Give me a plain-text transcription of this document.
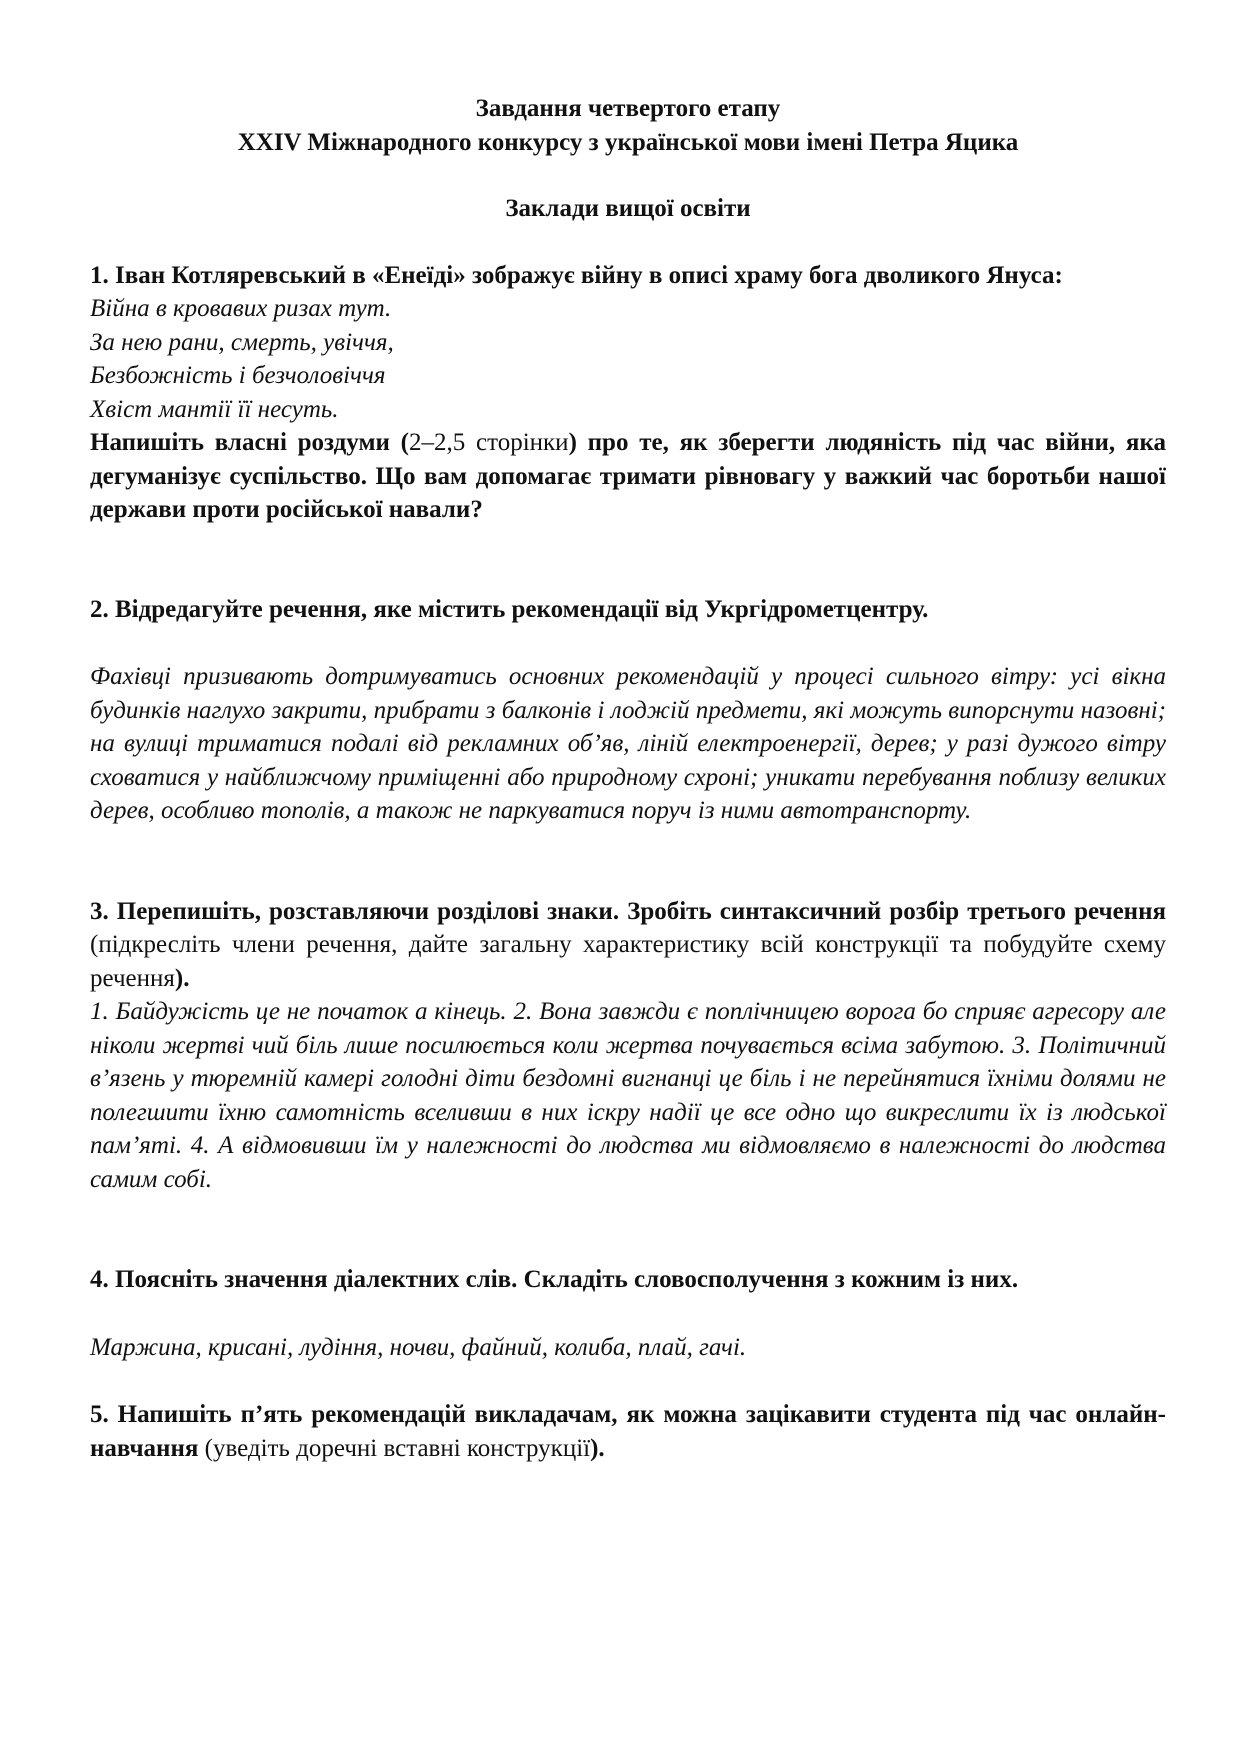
Завдання четвертого етапу

XXIV Міжнародного конкурсу з української мови імені Петра Яцика

Заклади вищої освіти

1. Іван Котляревський в «Енеїді» зображує війну в описі храму бога дволикого Януса:

Війна в кровавих ризах тут.

За нею рани, смерть, увіччя,

Безбожність і безчоловіччя

Хвіст мантії її несуть.

Напишіть власні роздуми (2–2,5 сторінки) про те, як зберегти людяність під час війни, яка дегуманізує суспільство. Що вам допомагає тримати рівновагу у важкий час боротьби нашої держави проти російської навали?

2. Відредагуйте речення, яке містить рекомендації від Укргідрометцентру.

Фахівці призивають дотримуватись основних рекомендацій у процесі сильного вітру: усі вікна будинків наглухо закрити, прибрати з балконів і лоджій предмети, які можуть випорснути назовні; на вулиці триматися подалі від рекламних об’яв, ліній електроенергії, дерев; у разі дужого вітру сховатися у найближчому приміщенні або природному схроні; уникати перебування поблизу великих дерев, особливо тополів, а також не паркуватися поруч із ними автотранспорту.

3. Перепишіть, розставляючи розділові знаки. Зробіть синтаксичний розбір третього речення (підкресліть члени речення, дайте загальну характеристику всій конструкції та побудуйте схему речення).

1. Байдужість це не початок а кінець. 2. Вона завжди є поплічницею ворога бо сприяє агресору але ніколи жертві чий біль лише посилюється коли жертва почувається всіма забутою. 3. Політичний в’язень у тюремній камері голодні діти бездомні вигнанці це біль і не перейнятися їхніми долями не полегшити їхню самотність вселивши в них іскру надії це все одно що викреслити їх із людської пам’яті. 4. А відмовивши їм у належності до людства ми відмовляємо в належності до людства самим собі.

4. Поясніть значення діалектних слів. Складіть словосполучення з кожним із них.

Маржина, крисані, лудіння, ночви, файний, колиба, плай, гачі.

5. Напишіть п’ять рекомендацій викладачам, як можна зацікавити студента під час онлайн-навчання (уведіть доречні вставні конструкції).
